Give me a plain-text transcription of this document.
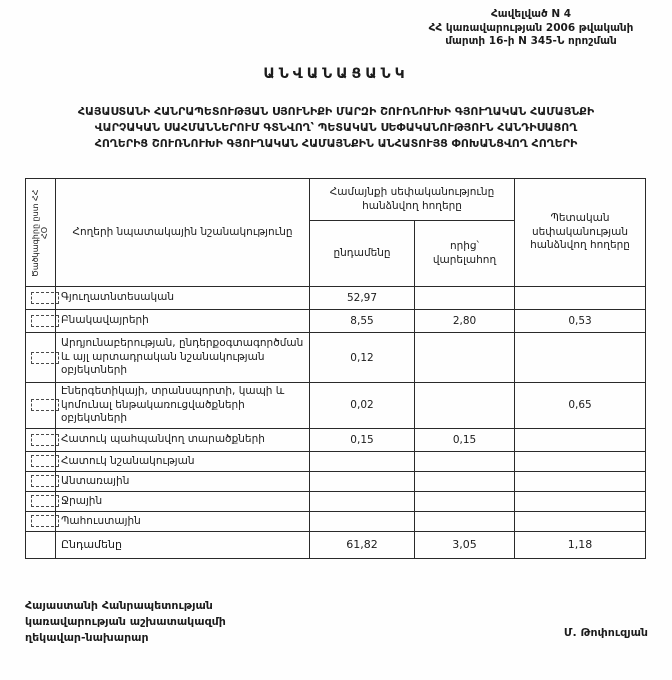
Հավելված N 4
ՀՀ կառավարության 2006 թվականի
մարտի 16-ի N 345-Ն որոշման
ԱՆՎԱՆԱՑԱՆԿ
ՀԱՅԱՍՏԱՆԻ ՀԱՆՐԱՊԵՏՈՒԹՅԱՆ ՍՅՈՒՆԻՔԻ ՄԱՐԶԻ ՇՈՒՌՆՈՒԽԻ ԳՅՈՒՂԱԿԱՆ ՀԱՄԱՅՆՔԻ
ՎԱՐՉԱԿԱՆ ՍԱՀՄԱՆՆԵՐՈՒՄ ԳՏՆՎՈՂ՝ ՊԵՏԱԿԱՆ ՍԵՓԱԿԱՆՈՒԹՅՈՒՆ ՀԱՆԴԻՍԱՑՈՂ
ՀՈՂԵՐԻՑ ՇՈՒՌՆՈՒԽԻ ԳՅՈՒՂԱԿԱՆ ՀԱՄԱՅՆՔԻՆ ԱՆՀԱՏՈՒՅՑ ՓՈԽԱՆՑՎՈՂ ՀՈՂԵՐԻ
Ծածկագիրը ըստ ՀՀ ՀՕ	Հողերի նպատակային նշանակությունը	Համայնքի սեփականությունը հանձնվող հողերը		Պետական սեփականության հանձնվող հողերը
		ընդամենը	որից՝ վարելահող	
	Գյուղատնտեսական	52,97		
	Բնակավայրերի	8,55	2,80	0,53
	Արդյունաբերության, ընդերքօգտագործման և այլ արտադրական նշանակության օբյեկտների	0,12		
	Էներգետիկայի, տրանսպորտի, կապի և կոմունալ ենթակառուցվածքների օբյեկտների	0,02		0,65
	Հատուկ պահպանվող տարածքների	0,15	0,15	
	Հատուկ նշանակության			
	Անտառային			
	Ջրային			
	Պահուստային			
	Ընդամենը	61,82	3,05	1,18
Հայաստանի Հանրապետության
կառավարության աշխատակազմի
ղեկավար-նախարար	Մ. Թոփուզյան
